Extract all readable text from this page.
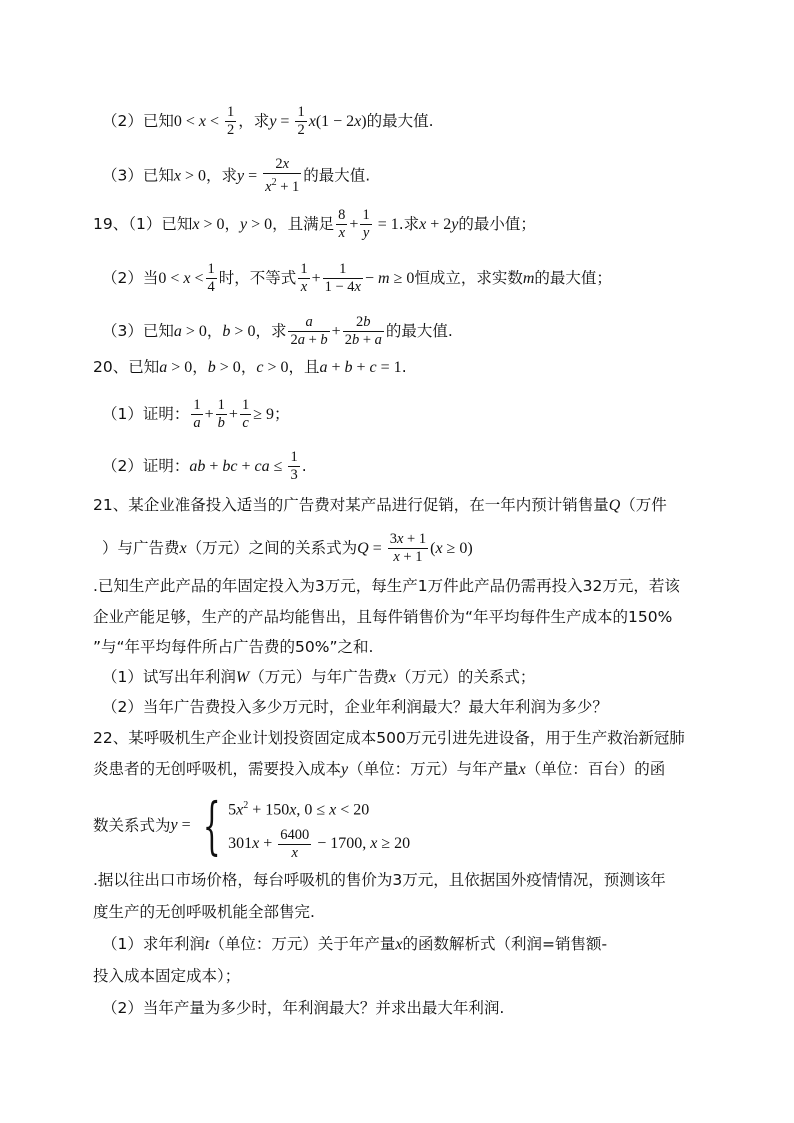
（2）已知$0 < x < \frac{1}{2}$ ，求$y = \frac{1}{2} x(1 - 2x)$的最大值.
（3）已知x > 0，求$y = \frac{2x}{x^2 + 1}$ 的最大值.
19、（1）已知x > 0，y > 0，且满足 $\frac{8}{x} + \frac{1}{y} = 1$.求x + 2y的最小值；
（2）当$0 < x < \frac{1}{4}$ 时，不等式 $\frac{1}{x} + \frac{1}{1 - 4x} - m \ge 0$恒成立，求实数m的最大值；
（3）已知a > 0，b > 0，求 $\frac{a}{2a + b} + \frac{2b}{2b + a}$ 的最大值.
20、已知a > 0，b > 0，c > 0，且a + b + c = 1.
（1）证明： $\frac{1}{a} + \frac{1}{b} + \frac{1}{c} \ge 9$；
（2）证明：ab + bc + ca ≤ $\frac{1}{3}$ .
21、某企业准备投入适当的广告费对某产品进行促销，在一年内预计销售量Q（万件
）与广告费x（万元）之间的关系式为$Q = \frac{3x + 1}{x + 1} (x \ge 0)$
.已知生产此产品的年固定投入为3万元，每生产1万件此产品仍需再投入32万元，若该
企业产能足够，生产的产品均能售出，且每件销售价为“年平均每件生产成本的150%
”与“年平均每件所占广告费的50%”之和.
（1）试写出年利润W（万元）与年广告费x（万元）的关系式；
（2）当年广告费投入多少万元时，企业年利润最大？最大年利润为多少？
22、某呼吸机生产企业计划投资固定成本500万元引进先进设备，用于生产救治新冠肺
炎患者的无创呼吸机，需要投入成本y（单位：万元）与年产量x（单位：百台）的函
数关系式为y = { $5x^2 + 150x$, 0 ≤ x < 20
$301x + \frac{6400}{x} - 1700$, x ≥ 20
.据以往出口市场价格，每台呼吸机的售价为3万元，且依据国外疫情情况，预测该年
度生产的无创呼吸机能全部售完.
（1）求年利润t（单位：万元）关于年产量x的函数解析式（利润=销售额-
投入成本固定成本）；
（2）当年产量为多少时，年利润最大？并求出最大年利润.
